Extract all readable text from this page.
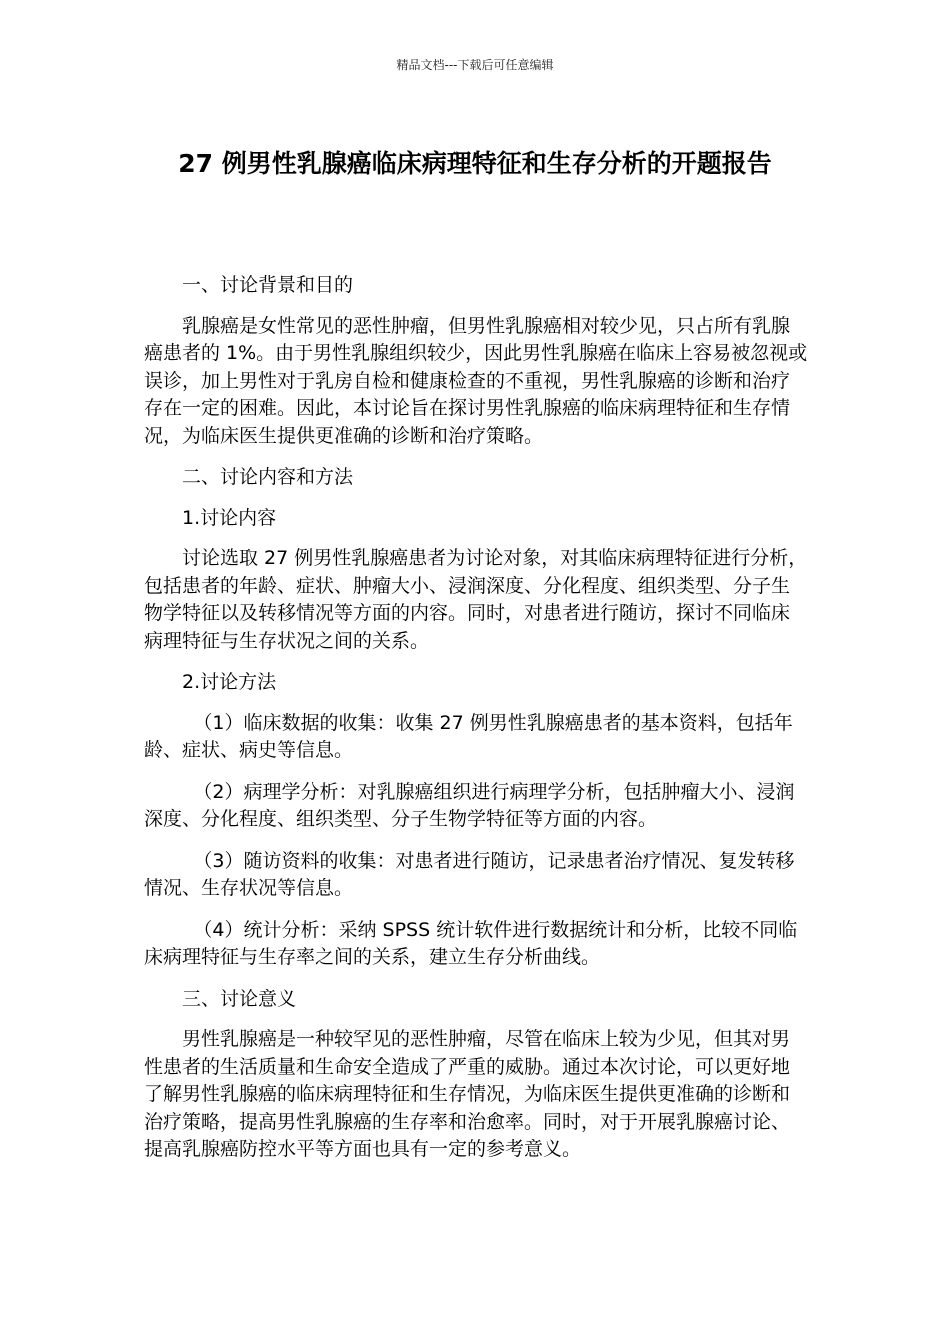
精品文档---下载后可任意编辑
27 例男性乳腺癌临床病理特征和生存分析的开题报告

一、讨论背景和目的

乳腺癌是女性常见的恶性肿瘤，但男性乳腺癌相对较少见，只占所有乳腺癌患者的 1%。由于男性乳腺组织较少，因此男性乳腺癌在临床上容易被忽视或误诊，加上男性对于乳房自检和健康检查的不重视，男性乳腺癌的诊断和治疗存在一定的困难。因此，本讨论旨在探讨男性乳腺癌的临床病理特征和生存情况，为临床医生提供更准确的诊断和治疗策略。

二、讨论内容和方法

1.讨论内容

讨论选取 27 例男性乳腺癌患者为讨论对象，对其临床病理特征进行分析，包括患者的年龄、症状、肿瘤大小、浸润深度、分化程度、组织类型、分子生物学特征以及转移情况等方面的内容。同时，对患者进行随访，探讨不同临床病理特征与生存状况之间的关系。

2.讨论方法

（1）临床数据的收集：收集 27 例男性乳腺癌患者的基本资料，包括年龄、症状、病史等信息。

（2）病理学分析：对乳腺癌组织进行病理学分析，包括肿瘤大小、浸润深度、分化程度、组织类型、分子生物学特征等方面的内容。

（3）随访资料的收集：对患者进行随访，记录患者治疗情况、复发转移情况、生存状况等信息。

（4）统计分析：采纳 SPSS 统计软件进行数据统计和分析，比较不同临床病理特征与生存率之间的关系，建立生存分析曲线。

三、讨论意义

男性乳腺癌是一种较罕见的恶性肿瘤，尽管在临床上较为少见，但其对男性患者的生活质量和生命安全造成了严重的威胁。通过本次讨论，可以更好地了解男性乳腺癌的临床病理特征和生存情况，为临床医生提供更准确的诊断和治疗策略，提高男性乳腺癌的生存率和治愈率。同时，对于开展乳腺癌讨论、提高乳腺癌防控水平等方面也具有一定的参考意义。
